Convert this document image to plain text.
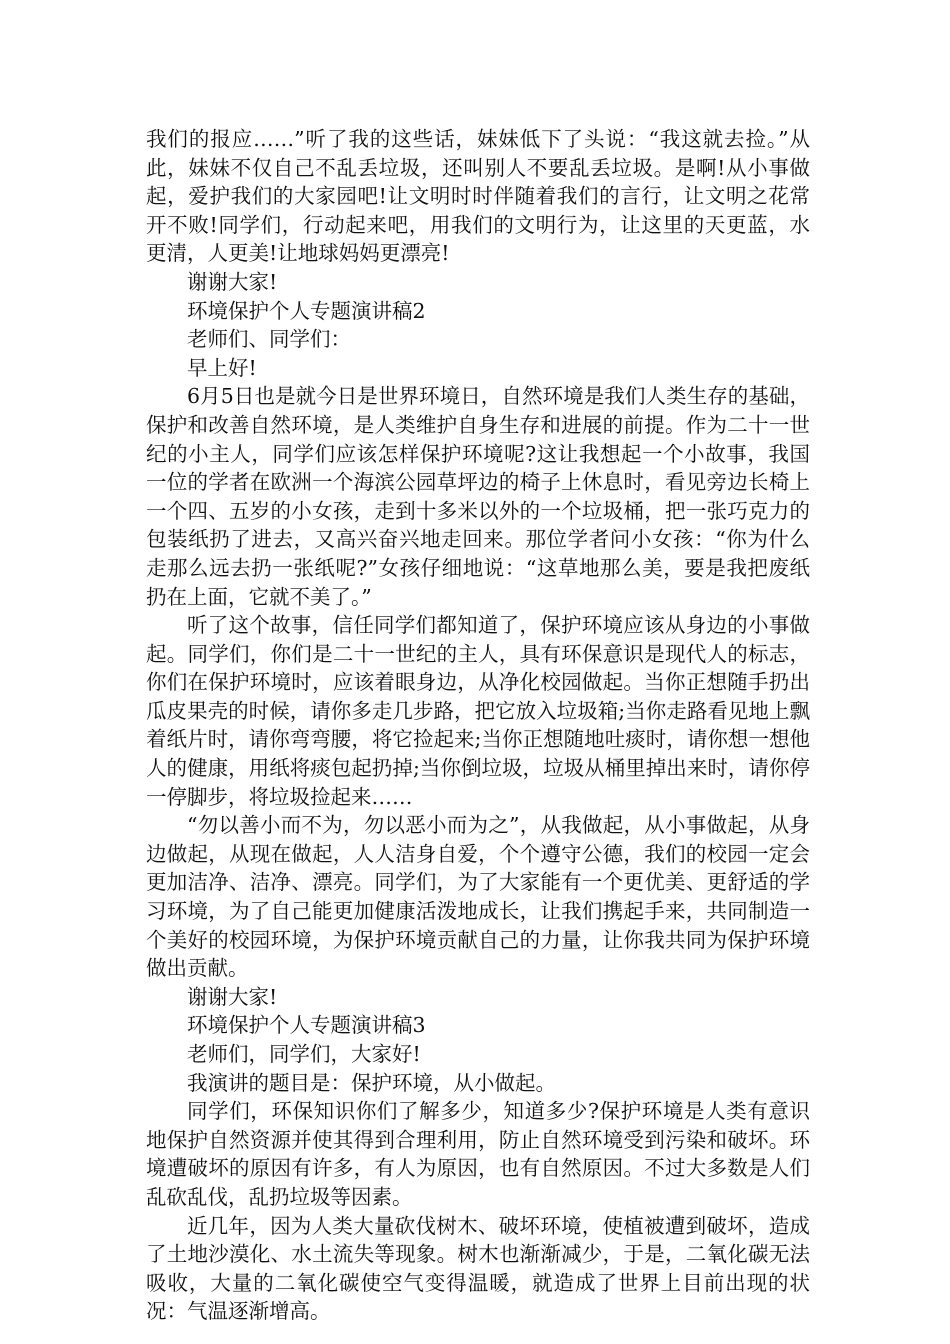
我们的报应……”听了我的这些话，妹妹低下了头说：“我这就去捡。”从此，妹妹不仅自己不乱丢垃圾，还叫别人不要乱丢垃圾。是啊!从小事做起，爱护我们的大家园吧!让文明时时伴随着我们的言行，让文明之花常开不败!同学们，行动起来吧，用我们的文明行为，让这里的天更蓝，水更清，人更美!让地球妈妈更漂亮!

谢谢大家!

环境保护个人专题演讲稿2

老师们、同学们：

早上好!

6月5日也是就今日是世界环境日，自然环境是我们人类生存的基础，保护和改善自然环境，是人类维护自身生存和进展的前提。作为二十一世纪的小主人，同学们应该怎样保护环境呢?这让我想起一个小故事，我国一位的学者在欧洲一个海滨公园草坪边的椅子上休息时，看见旁边长椅上一个四、五岁的小女孩，走到十多米以外的一个垃圾桶，把一张巧克力的包装纸扔了进去，又高兴奋兴地走回来。那位学者问小女孩：“你为什么走那么远去扔一张纸呢?”女孩仔细地说：“这草地那么美，要是我把废纸扔在上面，它就不美了。”

听了这个故事，信任同学们都知道了，保护环境应该从身边的小事做起。同学们，你们是二十一世纪的主人，具有环保意识是现代人的标志，你们在保护环境时，应该着眼身边，从净化校园做起。当你正想随手扔出瓜皮果壳的时候，请你多走几步路，把它放入垃圾箱;当你走路看见地上飘着纸片时，请你弯弯腰，将它捡起来;当你正想随地吐痰时，请你想一想他人的健康，用纸将痰包起扔掉;当你倒垃圾，垃圾从桶里掉出来时，请你停一停脚步，将垃圾捡起来……

“勿以善小而不为，勿以恶小而为之”，从我做起，从小事做起，从身边做起，从现在做起，人人洁身自爱，个个遵守公德，我们的校园一定会更加洁净、洁净、漂亮。同学们，为了大家能有一个更优美、更舒适的学习环境，为了自己能更加健康活泼地成长，让我们携起手来，共同制造一个美好的校园环境，为保护环境贡献自己的力量，让你我共同为保护环境做出贡献。

谢谢大家!

环境保护个人专题演讲稿3

老师们，同学们，大家好!

我演讲的题目是：保护环境，从小做起。

同学们，环保知识你们了解多少，知道多少?保护环境是人类有意识地保护自然资源并使其得到合理利用，防止自然环境受到污染和破坏。环境遭破坏的原因有许多，有人为原因，也有自然原因。不过大多数是人们乱砍乱伐，乱扔垃圾等因素。

近几年，因为人类大量砍伐树木、破坏环境，使植被遭到破坏，造成了土地沙漠化、水土流失等现象。树木也渐渐减少，于是，二氧化碳无法吸收，大量的二氧化碳使空气变得温暖，就造成了世界上目前出现的状况：气温逐渐增高。
